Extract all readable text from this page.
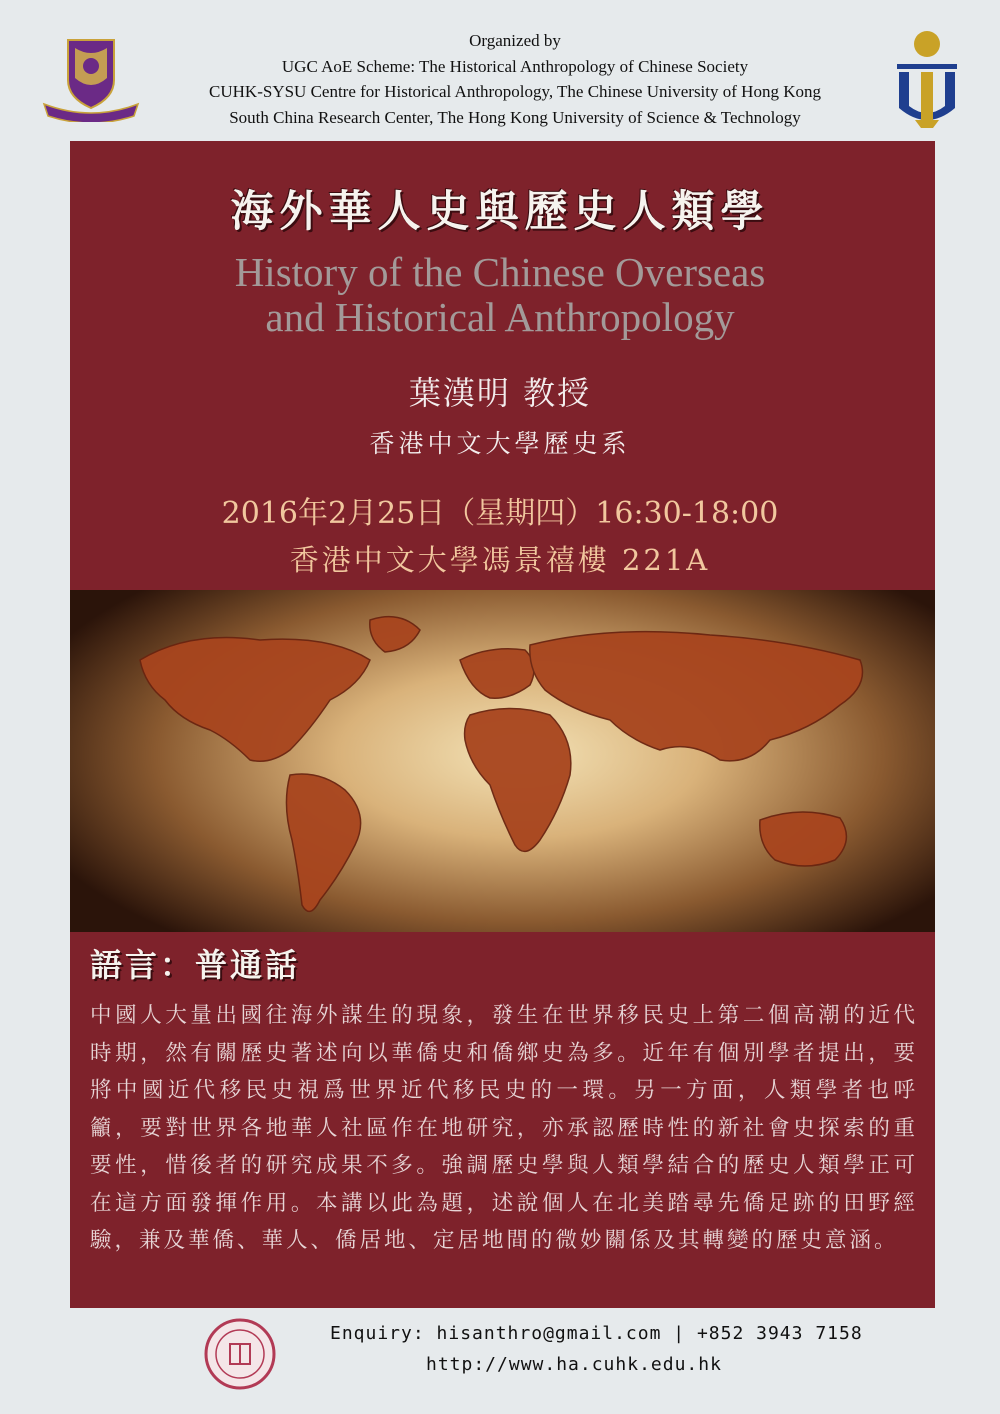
Organized by
UGC AoE Scheme: The Historical Anthropology of Chinese Society
CUHK-SYSU Centre for Historical Anthropology, The Chinese University of Hong Kong
South China Research Center, The Hong Kong University of Science & Technology
海外華人史與歷史人類學
History of the Chinese Overseas
and Historical Anthropology
葉漢明 教授
香港中文大學歷史系
2016年2月25日（星期四）16:30-18:00
香港中文大學馮景禧樓 221A
語言：普通話
中國人大量出國往海外謀生的現象，發生在世界移民史上第二個高潮的近代時期，然有關歷史著述向以華僑史和僑鄉史為多。近年有個別學者提出，要將中國近代移民史視爲世界近代移民史的一環。另一方面，人類學者也呼籲，要對世界各地華人社區作在地研究，亦承認歷時性的新社會史探索的重要性，惜後者的研究成果不多。強調歷史學與人類學結合的歷史人類學正可在這方面發揮作用。本講以此為題，述說個人在北美踏尋先僑足跡的田野經驗，兼及華僑、華人、僑居地、定居地間的微妙關係及其轉變的歷史意涵。
Enquiry: hisanthro@gmail.com | +852 3943 7158
http://www.ha.cuhk.edu.hk
